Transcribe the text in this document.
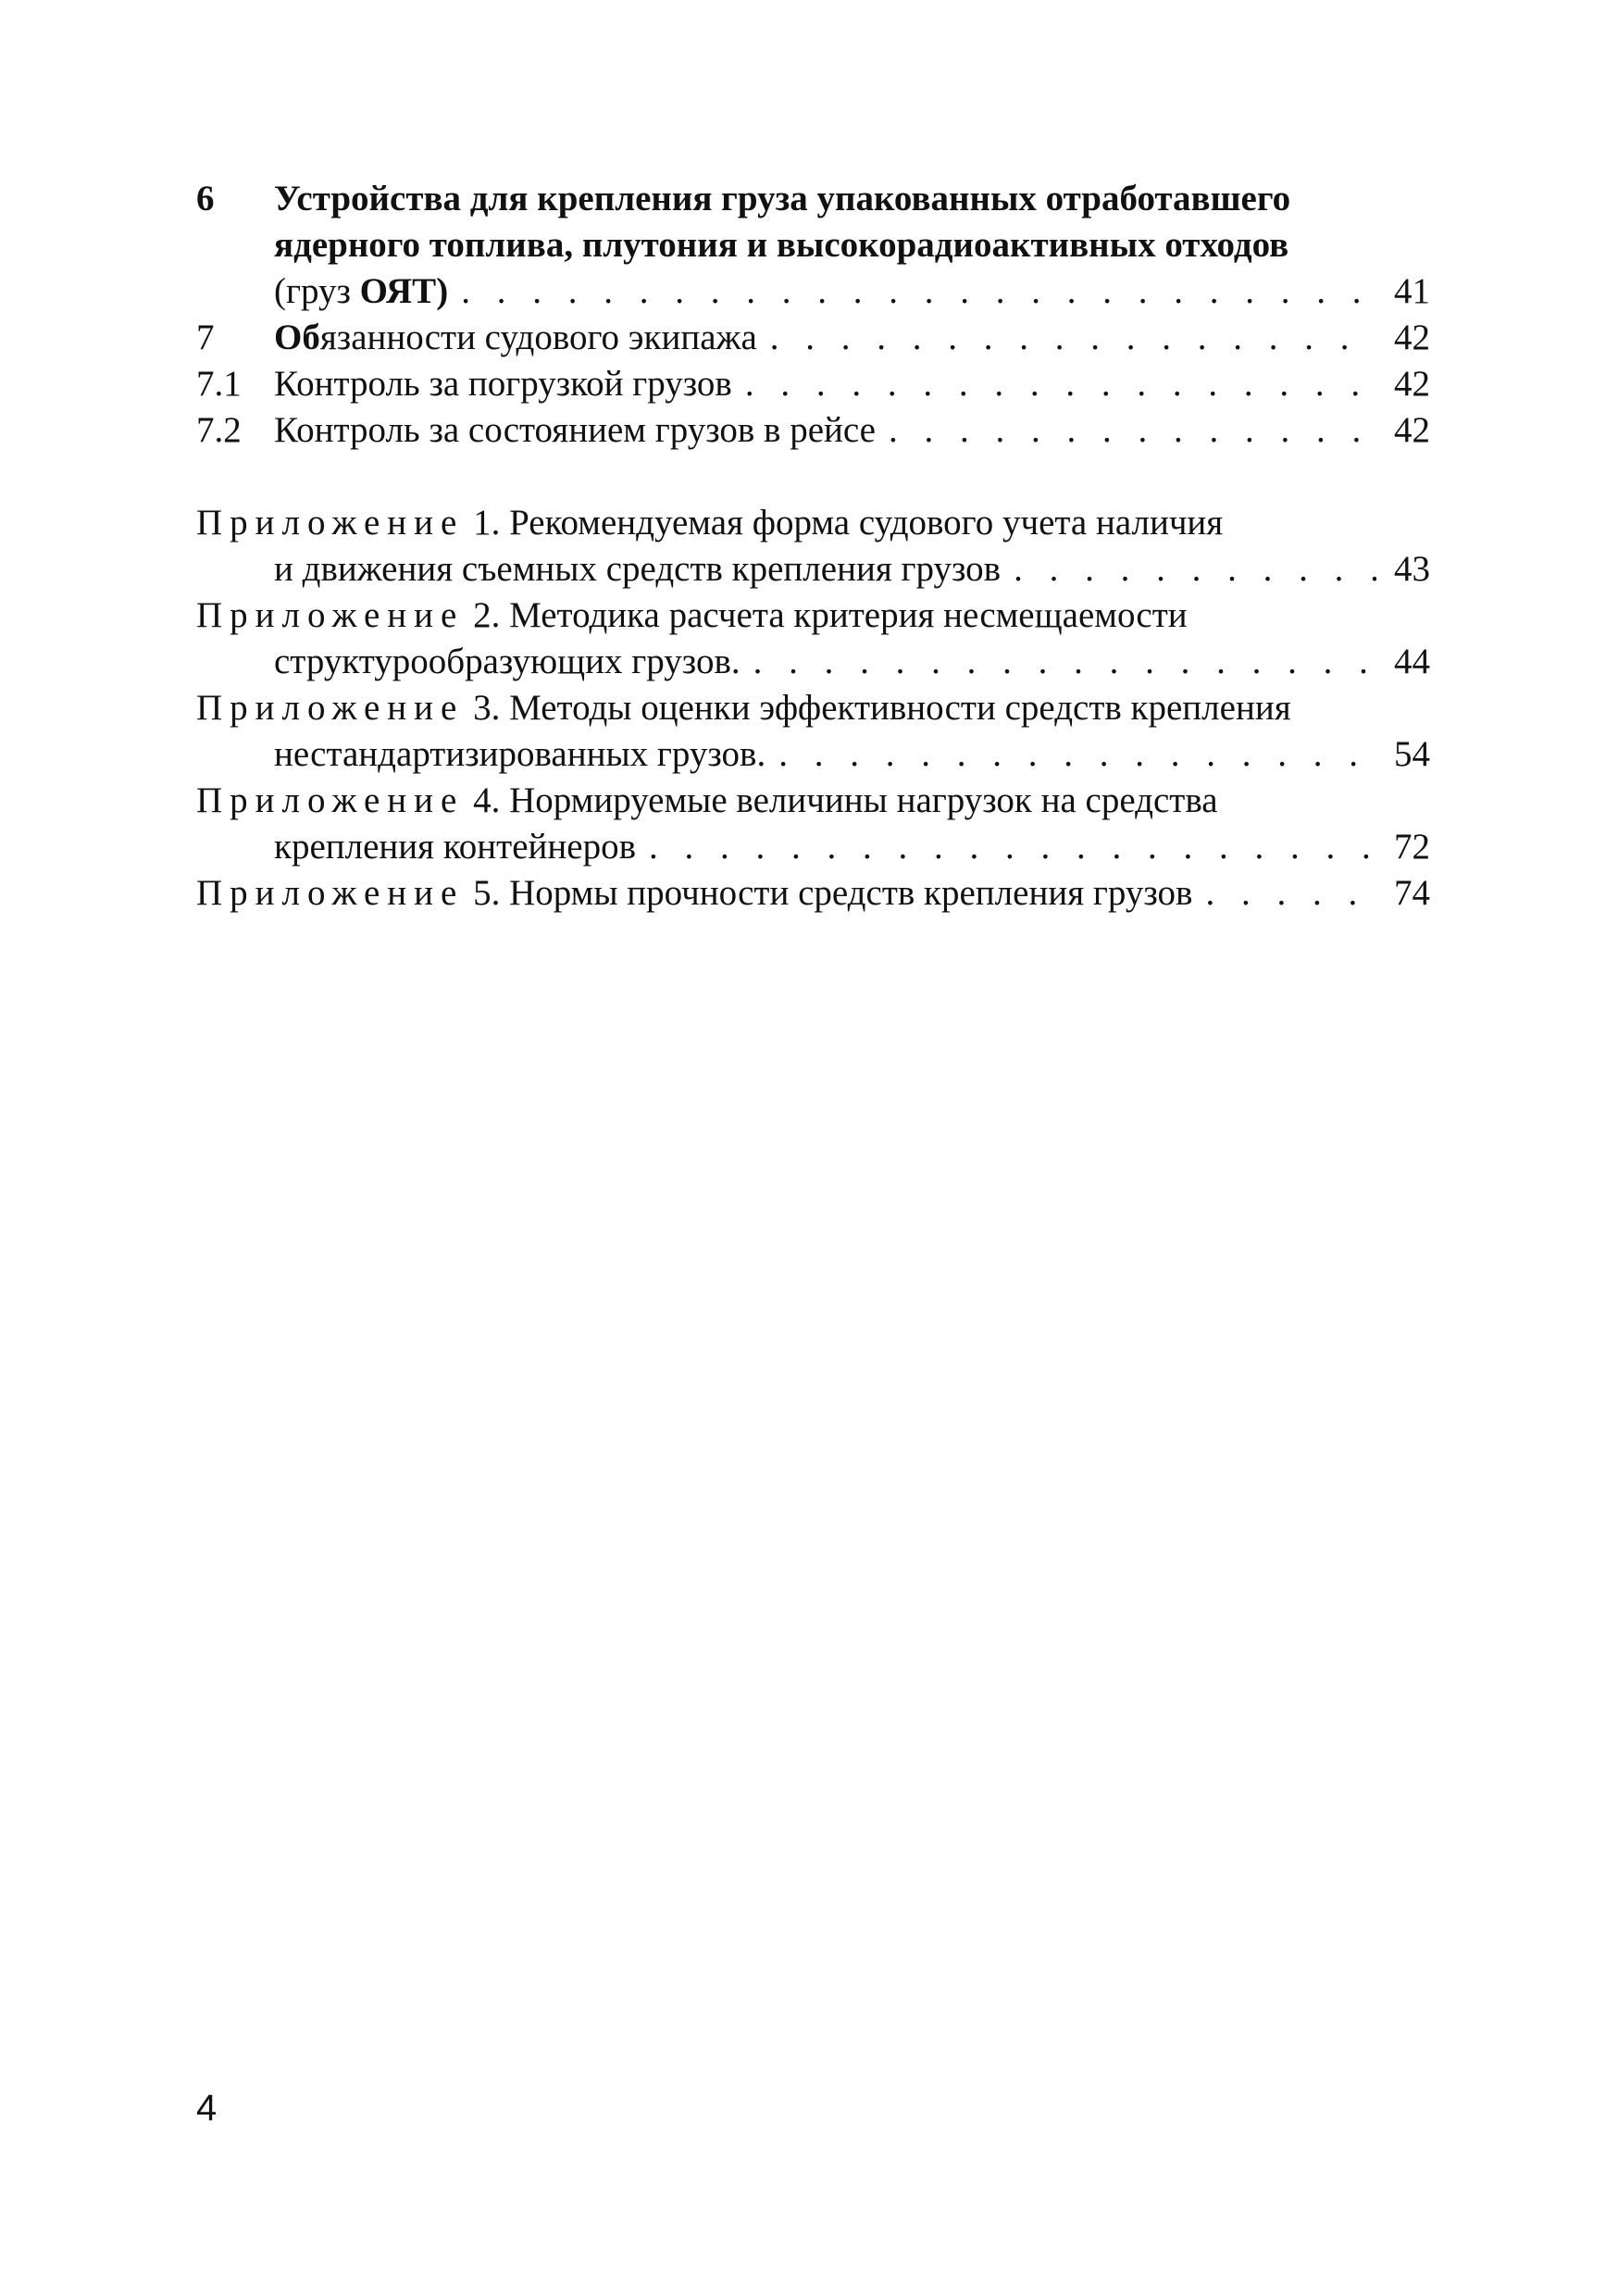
6 Устройства для крепления груза упакованных отработавшего
ядерного топлива, плутония и высокорадиоактивных отходов
(груз ОЯТ) . . .	41
7 Обязанности судового экипажа . . .	42
7.1 Контроль за погрузкой грузов . . .	42
7.2 Контроль за состоянием грузов в рейсе . . .	42
Приложение 1. Рекомендуемая форма судового учета наличия
и движения съемных средств крепления грузов . . .	43
Приложение 2. Методика расчета критерия несмещаемости
структурообразующих грузов. . . .	44
Приложение 3. Методы оценки эффективности средств крепления
нестандартизированных грузов. . . .	54
Приложение 4. Нормируемые величины нагрузок на средства
крепления контейнеров . . .	72
Приложение 5. Нормы прочности средств крепления грузов . . .	74
4
